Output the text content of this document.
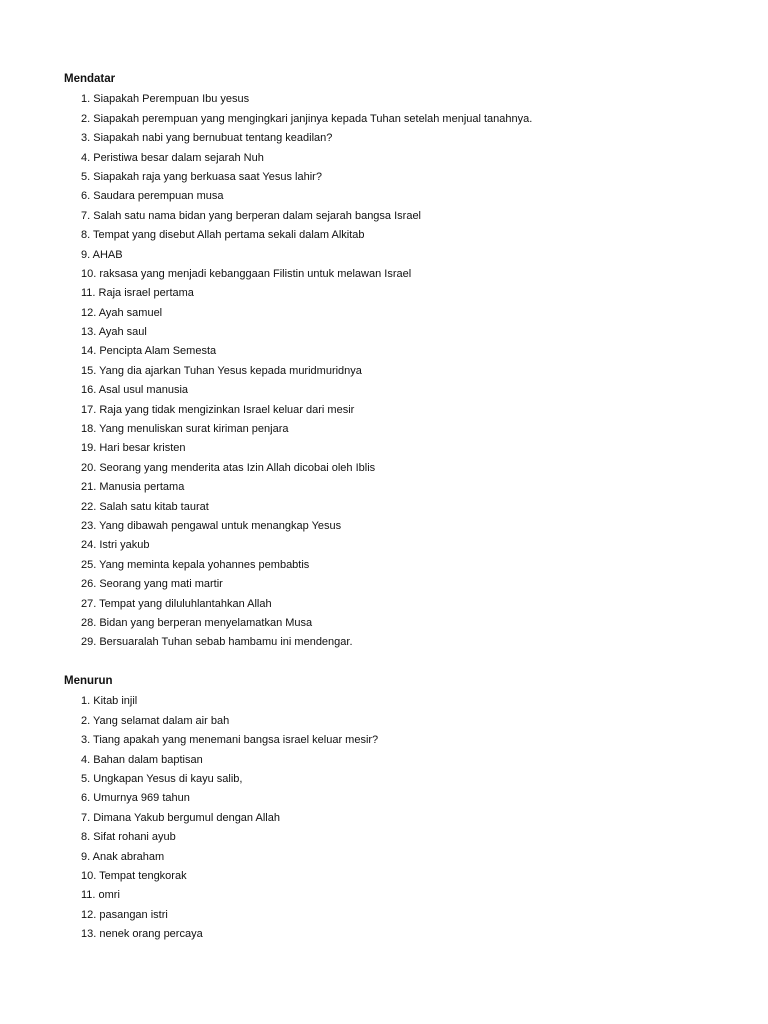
Mendatar
1. Siapakah Perempuan Ibu yesus
2. Siapakah perempuan yang mengingkari janjinya kepada Tuhan setelah menjual tanahnya.
3. Siapakah nabi yang bernubuat tentang keadilan?
4. Peristiwa besar dalam sejarah Nuh
5. Siapakah raja yang berkuasa saat Yesus lahir?
6. Saudara perempuan musa
7. Salah satu nama bidan yang berperan dalam sejarah bangsa Israel
8. Tempat yang disebut Allah pertama sekali dalam Alkitab
9. AHAB
10. raksasa yang menjadi kebanggaan Filistin untuk melawan Israel
11. Raja israel pertama
12. Ayah samuel
13. Ayah saul
14. Pencipta Alam Semesta
15. Yang dia ajarkan Tuhan Yesus kepada muridmuridnya
16. Asal usul manusia
17. Raja yang tidak mengizinkan Israel keluar dari mesir
18. Yang menuliskan surat kiriman penjara
19. Hari besar kristen
20. Seorang yang menderita atas Izin Allah dicobai oleh Iblis
21. Manusia pertama
22. Salah satu kitab taurat
23. Yang dibawah pengawal untuk menangkap Yesus
24. Istri yakub
25. Yang meminta kepala yohannes pembabtis
26. Seorang yang mati martir
27. Tempat yang diluluhlantahkan Allah
28. Bidan yang berperan menyelamatkan Musa
29. Bersuaralah Tuhan sebab hambamu ini mendengar.
Menurun
1. Kitab injil
2. Yang selamat dalam air bah
3. Tiang apakah yang menemani bangsa israel keluar mesir?
4. Bahan dalam baptisan
5. Ungkapan Yesus di kayu salib,
6. Umurnya 969 tahun
7. Dimana Yakub bergumul dengan Allah
8. Sifat rohani ayub
9. Anak abraham
10. Tempat tengkorak
11. omri
12. pasangan istri
13. nenek orang percaya
